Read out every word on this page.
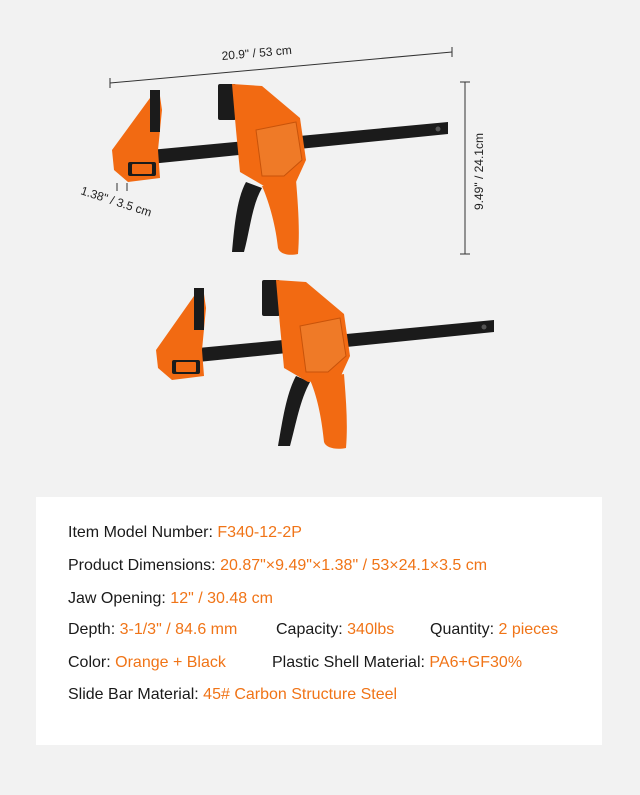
20.9" / 53 cm
9.49" / 24.1cm
1.38" / 3.5 cm
Item Model Number: F340-12-2P
Product Dimensions: 20.87"×9.49"×1.38" / 53×24.1×3.5 cm
Jaw Opening: 12" / 30.48 cm
Depth: 3-1/3" / 84.6 mm Capacity: 340lbs Quantity: 2 pieces
Color: Orange + Black	Plastic Shell Material: PA6+GF30%
Slide Bar Material: 45# Carbon Structure Steel
